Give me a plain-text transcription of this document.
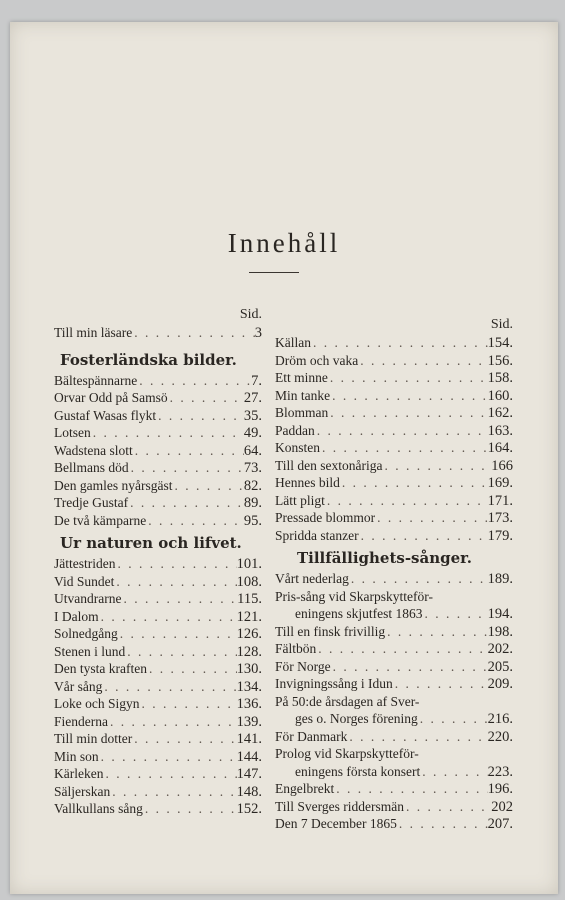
Innehåll
Sid.
Till min läsare . . .	3
Fosterländska bilder.
Bältespännarne . . .	7.
Orvar Odd på Samsö . . .	27.
Gustaf Wasas flykt . . .	35.
Lotsen . . .	49.
Wadstena slott . . .	64.
Bellmans död . . .	73.
Den gamles nyårsgäst . . .	82.
Tredje Gustaf . . .	89.
De två kämparne . . .	95.
Ur naturen och lifvet.
Jättestriden . . .	101.
Vid Sundet . . .	108.
Utvandrarne . . .	115.
I Dalom . . .	121.
Solnedgång . . .	126.
Stenen i lund . . .	128.
Den tysta kraften . . .	130.
Vår sång . . .	134.
Loke och Sigyn . . .	136.
Fienderna . . .	139.
Till min dotter . . .	141.
Min son . . .	144.
Kärleken . . .	147.
Säljerskan . . .	148.
Vallkullans sång . . .	152.
Sid.
Källan . . .	154.
Dröm och vaka . . .	156.
Ett minne . . .	158.
Min tanke . . .	160.
Blomman . . .	162.
Paddan . . .	163.
Konsten . . .	164.
Till den sextonåriga . . .	166
Hennes bild . . .	169.
Lätt pligt . . .	171.
Pressade blommor . . .	173.
Spridda stanzer . . .	179.
Tillfällighets-sånger.
Vårt nederlag . . .	189.
Pris-sång vid Skarpskytteför-
eningens skjutfest 1863 . . .	194.
Till en finsk frivillig . . .	198.
Fältbön . . .	202.
För Norge . . .	205.
Invigningssång i Idun . . .	209.
På 50:de årsdagen af Sver-
ges o. Norges förening . . .	216.
För Danmark . . .	220.
Prolog vid Skarpskytteför-
eningens första konsert . . .	223.
Engelbrekt . . .	196.
Till Sverges riddersmän . . .	202
Den 7 December 1865 . . .	207.
